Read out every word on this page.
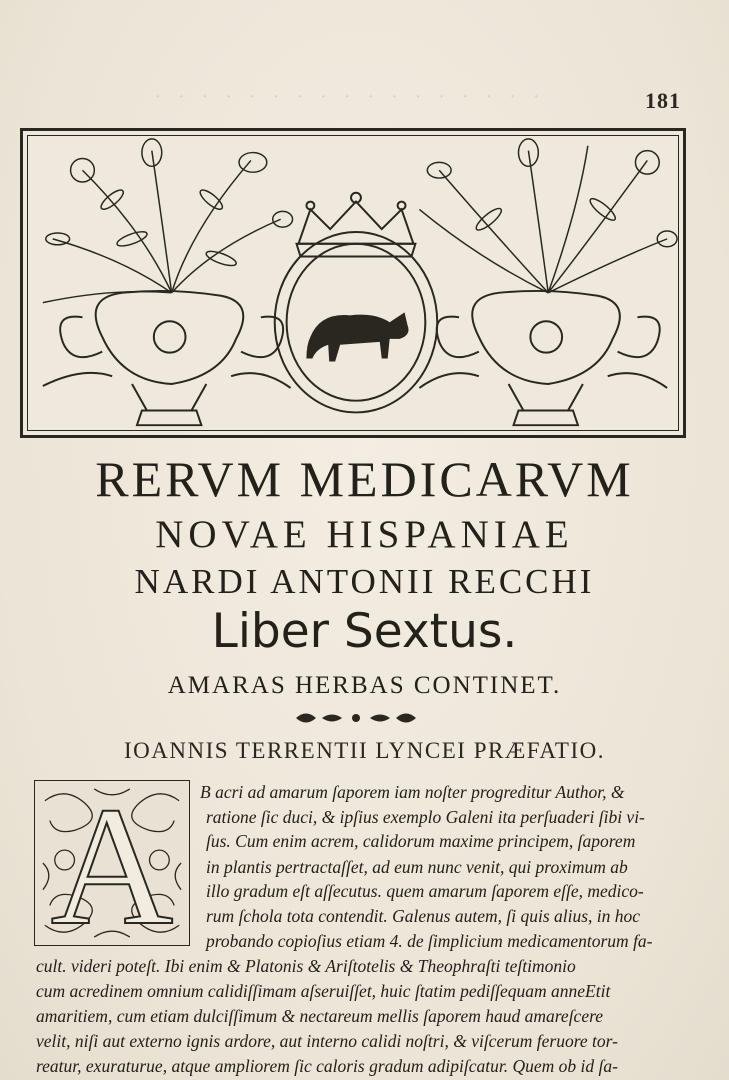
· · · · · · · · · · · · · · · · ·	181
RERVM MEDICARVM
NOVAE HISPANIAE
NARDI ANTONII RECCHI
Liber Sextus.
AMARAS HERBAS CONTINET.
IOANNIS TERRENTII LYNCEI PRÆFATIO.
A	B acri ad amarum ſaporem iam noſter progreditur Author, &
ratione ſic duci, & ipſius exemplo Galeni ita perſuaderi ſibi vi-
ſus. Cum enim acrem, calidorum maxime principem, ſaporem
in plantis pertractaſſet, ad eum nunc venit, qui proximum ab
illo gradum eſt aſſecutus. quem amarum ſaporem eſſe, medico-
rum ſchola tota contendit. Galenus autem, ſi quis alius, in hoc
probando copioſius etiam 4. de ſimplicium medicamentorum fa-
cult. videri poteſt. Ibi enim & Platonis & Ariſtotelis & Theophraſti teſtimonio
cum acredinem omnium calidiſſimam aſseruiſſet, huic ſtatim pediſſequam anneEtit
amaritiem, cum etiam dulciſſimum & nectareum mellis ſaporem haud amareſcere
velit, niſi aut externo ignis ardore, aut interno calidi noſtri, & viſcerum feruore tor-
reatur, exuraturue, atque ampliorem ſic caloris gradum adipiſcatur. Quem ob id ſa-
